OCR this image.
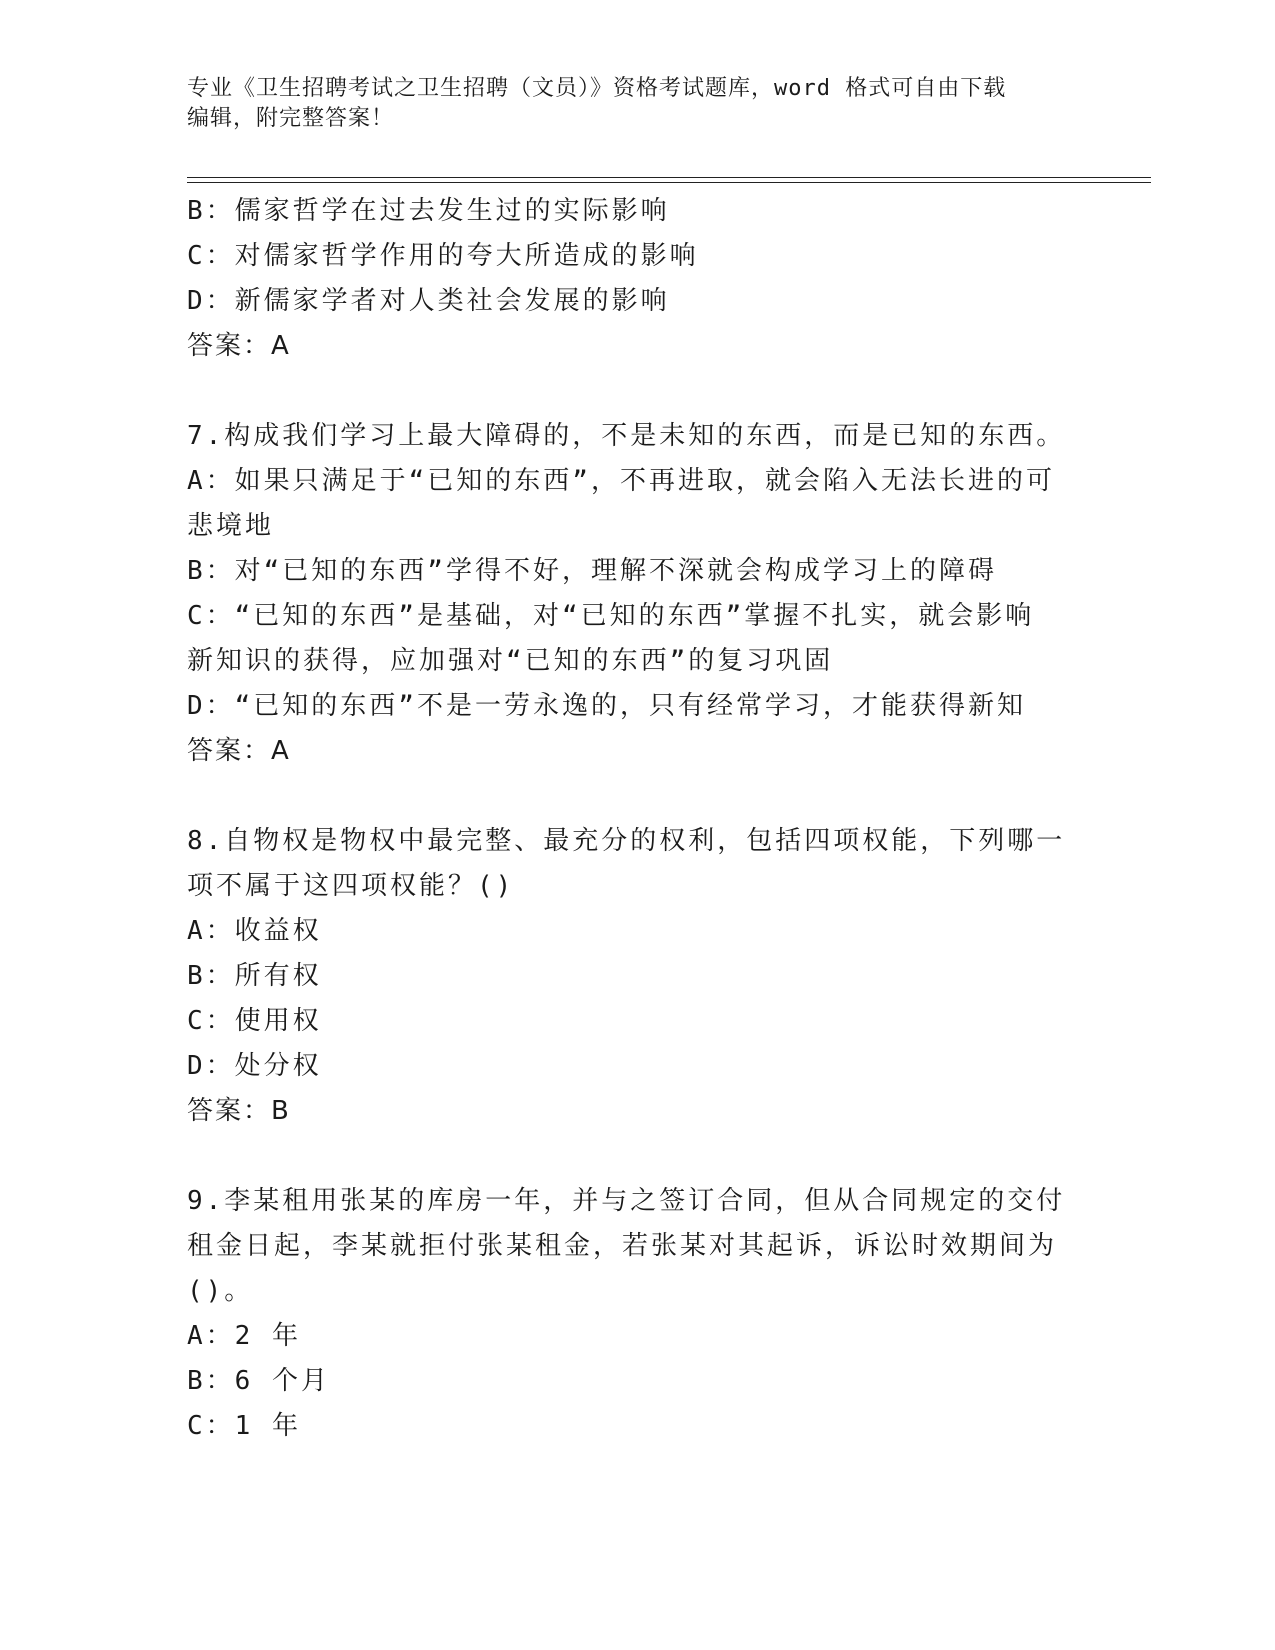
专业《卫生招聘考试之卫生招聘（文员）》资格考试题库，word 格式可自由下载
编辑，附完整答案！
B：儒家哲学在过去发生过的实际影响
C：对儒家哲学作用的夸大所造成的影响
D：新儒家学者对人类社会发展的影响
答案：A
7.构成我们学习上最大障碍的，不是未知的东西，而是已知的东西。
A：如果只满足于“已知的东西”，不再进取，就会陷入无法长进的可
悲境地
B：对“已知的东西”学得不好，理解不深就会构成学习上的障碍
C：“已知的东西”是基础，对“已知的东西”掌握不扎实，就会影响
新知识的获得，应加强对“已知的东西”的复习巩固
D：“已知的东西”不是一劳永逸的，只有经常学习，才能获得新知
答案：A
8.自物权是物权中最完整、最充分的权利，包括四项权能，下列哪一
项不属于这四项权能？()
A：收益权
B：所有权
C：使用权
D：处分权
答案：B
9.李某租用张某的库房一年，并与之签订合同，但从合同规定的交付
租金日起，李某就拒付张某租金，若张某对其起诉，诉讼时效期间为
()。
A：2 年
B：6 个月
C：1 年
